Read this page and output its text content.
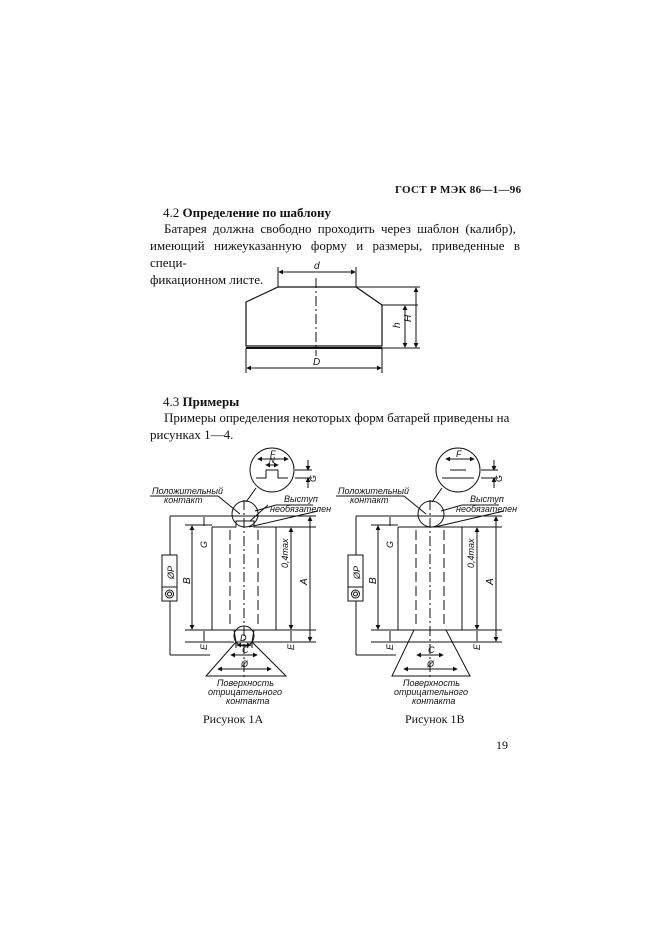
ГОСТ Р МЭК 86—1—96
4.2 Определение по шаблону
Батарея должна свободно проходить через шаблон (калибр),
имеющий нижеуказанную форму и размеры, приведенные в специ-
фикационном листе.
4.3 Примеры
Примеры определения некоторых форм батарей приведены на
рисунках 1—4.
d
D
h
H
F
N
G
ØP
B
G
E	E
0,4max
A
D
C
Ø
F
G
ØP
B
G
E	E
0,4max
A
C
Ø
Положительный
контакт	Выступ
необязателен
Поверхность
отрицательного
контакта
Положительный
контакт	Выступ
необязателен
Поверхность
отрицательного
контакта
Рисунок 1А	Рисунок 1В
19
